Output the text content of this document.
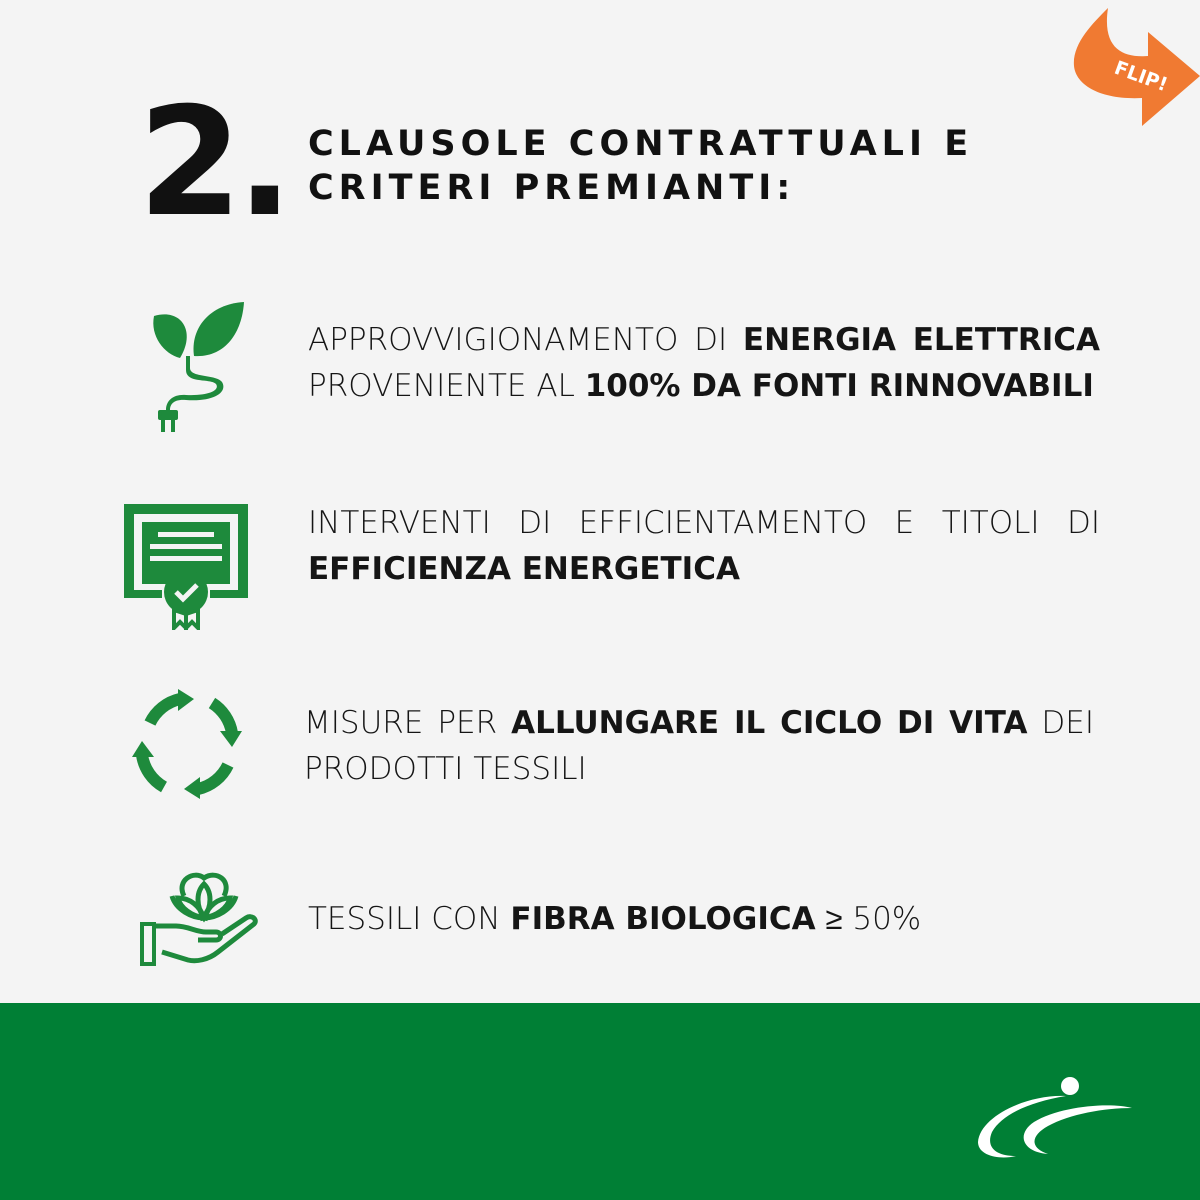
2. CLAUSOLE CONTRATTUALI E
CRITERI PREMIANTI:
FLIP!
APPROVVIGIONAMENTO DI ENERGIA ELETTRICA PROVENIENTE AL 100% DA FONTI RINNOVABILI
INTERVENTI DI EFFICIENTAMENTO E TITOLI DI EFFICIENZA ENERGETICA
MISURE PER ALLUNGARE IL CICLO DI VITA DEI PRODOTTI TESSILI
TESSILI CON FIBRA BIOLOGICA ≥ 50%
